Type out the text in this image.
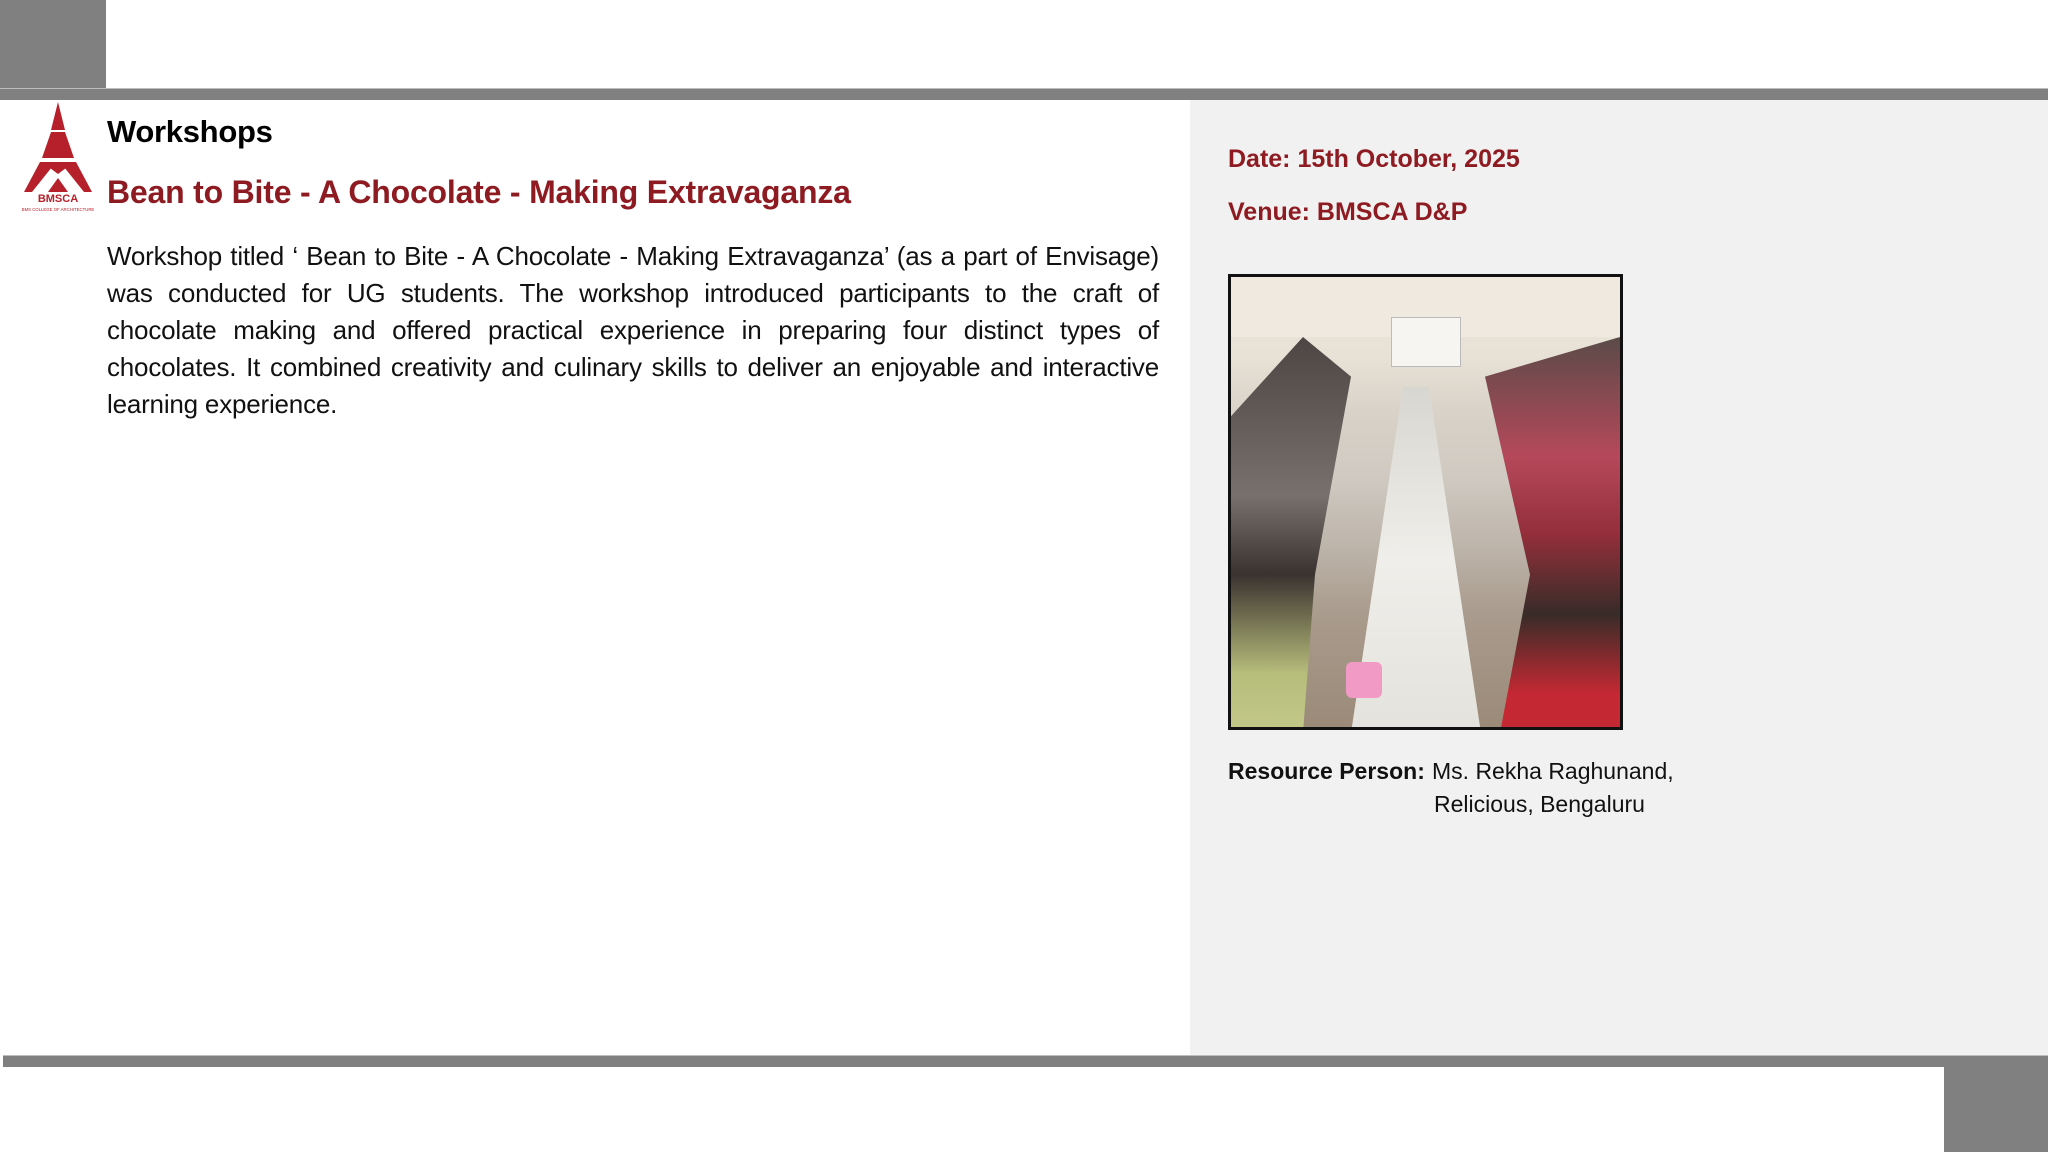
BMSCA
BMS COLLEGE OF ARCHITECTURE
Workshops
Bean to Bite - A Chocolate - Making Extravaganza

Workshop titled ‘ Bean to Bite - A Chocolate - Making Extravaganza’ (as a part of Envisage) was conducted for UG students. The workshop introduced participants to the craft of chocolate making and offered practical experience in preparing four distinct types of chocolates. It combined creativity and culinary skills to deliver an enjoyable and interactive learning experience.

Date: 15th October, 2025
Venue: BMSCA D&P
Resource Person: Ms. Rekha Raghunand,
Relicious, Bengaluru
